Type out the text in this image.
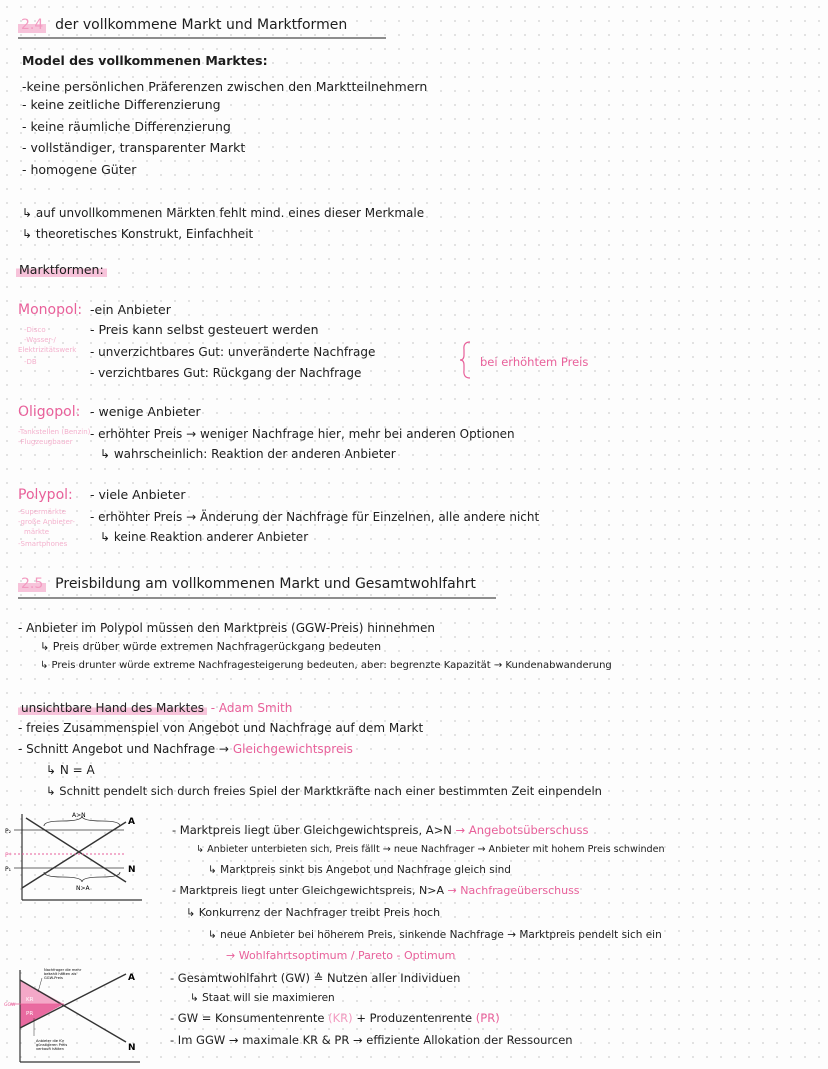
2.4 der vollkommene Markt und Marktformen
Model des vollkommenen Marktes:
-keine persönlichen Präferenzen zwischen den Marktteilnehmern
- keine zeitliche Differenzierung
- keine räumliche Differenzierung
- vollständiger, transparenter Markt
- homogene Güter
↳ auf unvollkommenen Märkten fehlt mind. eines dieser Merkmale
↳ theoretisches Konstrukt, Einfachheit
Marktformen:
Monopol: -ein Anbieter
- Preis kann selbst gesteuert werden
- unverzichtbares Gut: unveränderte Nachfrage
- verzichtbares Gut: Rückgang der Nachfrage
-Disco
-Wasser-/
Elektrizitätswerk
-DB	bei erhöhtem Preis
Oligopol: - wenige Anbieter
- erhöhter Preis → weniger Nachfrage hier, mehr bei anderen Optionen
↳ wahrscheinlich: Reaktion der anderen Anbieter
-Tankstellen (Benzin)
-Flugzeugbauer
Polypol: - viele Anbieter
- erhöhter Preis → Änderung der Nachfrage für Einzelnen, alle andere nicht
↳ keine Reaktion anderer Anbieter
-Supermärkte
-große Anbieter-
märkte
-Smartphones
2.5 Preisbildung am vollkommenen Markt und Gesamtwohlfahrt
- Anbieter im Polypol müssen den Marktpreis (GGW-Preis) hinnehmen
↳ Preis drüber würde extremen Nachfragerückgang bedeuten
↳ Preis drunter würde extreme Nachfragesteigerung bedeuten, aber: begrenzte Kapazität → Kundenabwanderung
unsichtbare Hand des Marktes - Adam Smith
- freies Zusammenspiel von Angebot und Nachfrage auf dem Markt
- Schnitt Angebot und Nachfrage → Gleichgewichtspreis
↳ N = A
↳ Schnitt pendelt sich durch freies Spiel der Marktkräfte nach einer bestimmten Zeit einpendeln
A>N
N>A
A
N
P₂
P*
P₁
- Marktpreis liegt über Gleichgewichtspreis, A>N → Angebotsüberschuss
↳ Anbieter unterbieten sich, Preis fällt → neue Nachfrager → Anbieter mit hohem Preis schwinden
↳ Marktpreis sinkt bis Angebot und Nachfrage gleich sind
- Marktpreis liegt unter Gleichgewichtspreis, N>A → Nachfrageüberschuss
↳ Konkurrenz der Nachfrager treibt Preis hoch
↳ neue Anbieter bei höherem Preis, sinkende Nachfrage → Marktpreis pendelt sich ein
→ Wohlfahrtsoptimum / Pareto - Optimum
A
N
GGW
KR
PR
Nachfrager die mehr
bezahlt hätten als
GGW-Preis
Anbieter die für
günstigeren Preis
verkauft hätten
- Gesamtwohlfahrt (GW) ≙ Nutzen aller Individuen
↳ Staat will sie maximieren
- GW = Konsumentenrente (KR) + Produzentenrente (PR)
- Im GGW → maximale KR & PR → effiziente Allokation der Ressourcen
